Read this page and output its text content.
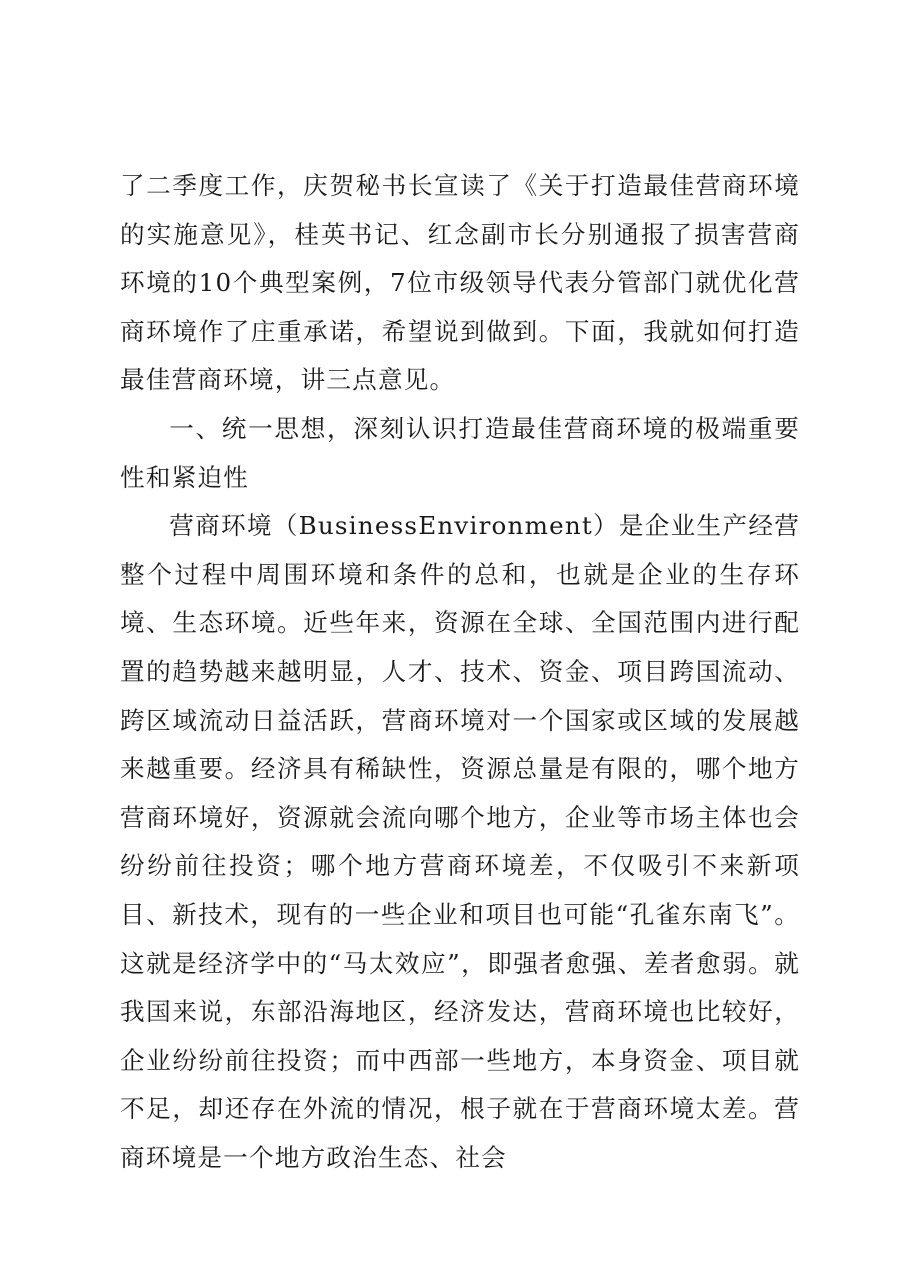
了二季度工作，庆贺秘书长宣读了《关于打造最佳营商环境的实施意见》，桂英书记、红念副市长分别通报了损害营商环境的10个典型案例，7位市级领导代表分管部门就优化营商环境作了庄重承诺，希望说到做到。下面，我就如何打造最佳营商环境，讲三点意见。

一、统一思想，深刻认识打造最佳营商环境的极端重要性和紧迫性

营商环境（BusinessEnvironment）是企业生产经营整个过程中周围环境和条件的总和，也就是企业的生存环境、生态环境。近些年来，资源在全球、全国范围内进行配置的趋势越来越明显，人才、技术、资金、项目跨国流动、跨区域流动日益活跃，营商环境对一个国家或区域的发展越来越重要。经济具有稀缺性，资源总量是有限的，哪个地方营商环境好，资源就会流向哪个地方，企业等市场主体也会纷纷前往投资；哪个地方营商环境差，不仅吸引不来新项目、新技术，现有的一些企业和项目也可能“孔雀东南飞”。这就是经济学中的“马太效应”，即强者愈强、差者愈弱。就我国来说，东部沿海地区，经济发达，营商环境也比较好，企业纷纷前往投资；而中西部一些地方，本身资金、项目就不足，却还存在外流的情况，根子就在于营商环境太差。营商环境是一个地方政治生态、社会
